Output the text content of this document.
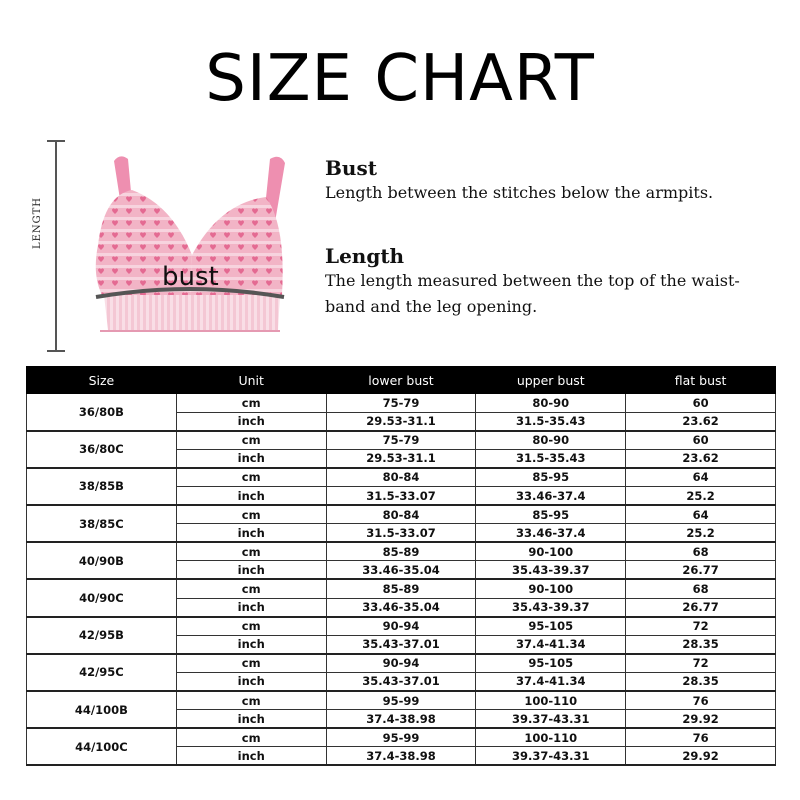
SIZE CHART
LENGTH
bust
Bust
Length between the stitches below the armpits.
Length
The length measured between the top of the waist-band and the leg opening.
Size	Unit	lower bust	upper bust	flat bust
36/80B	cm	75-79	80-90	60
	inch	29.53-31.1	31.5-35.43	23.62
36/80C	cm	75-79	80-90	60
	inch	29.53-31.1	31.5-35.43	23.62
38/85B	cm	80-84	85-95	64
	inch	31.5-33.07	33.46-37.4	25.2
38/85C	cm	80-84	85-95	64
	inch	31.5-33.07	33.46-37.4	25.2
40/90B	cm	85-89	90-100	68
	inch	33.46-35.04	35.43-39.37	26.77
40/90C	cm	85-89	90-100	68
	inch	33.46-35.04	35.43-39.37	26.77
42/95B	cm	90-94	95-105	72
	inch	35.43-37.01	37.4-41.34	28.35
42/95C	cm	90-94	95-105	72
	inch	35.43-37.01	37.4-41.34	28.35
44/100B	cm	95-99	100-110	76
	inch	37.4-38.98	39.37-43.31	29.92
44/100C	cm	95-99	100-110	76
	inch	37.4-38.98	39.37-43.31	29.92
